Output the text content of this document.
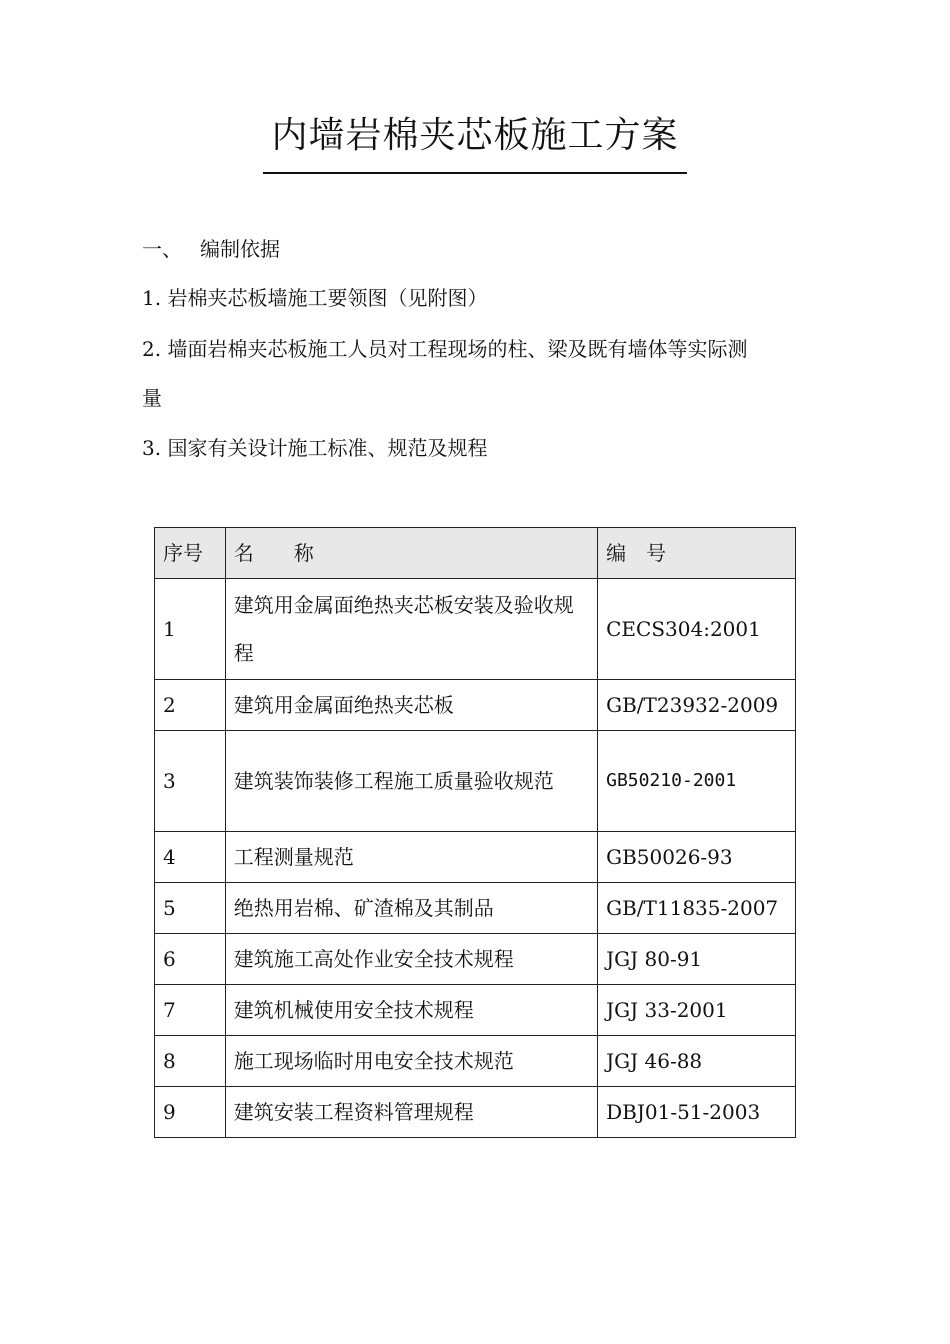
内墙岩棉夹芯板施工方案
一、 编制依据
1. 岩棉夹芯板墙施工要领图（见附图）
2. 墙面岩棉夹芯板施工人员对工程现场的柱、梁及既有墙体等实际测
量
3. 国家有关设计施工标准、规范及规程
序号	名　　称	编　号
1	建筑用金属面绝热夹芯板安装及验收规程	CECS304:2001
2	建筑用金属面绝热夹芯板	GB/T23932-2009
3	建筑装饰装修工程施工质量验收规范	GB50210-2001
4	工程测量规范	GB50026-93
5	绝热用岩棉、矿渣棉及其制品	GB/T11835-2007
6	建筑施工高处作业安全技术规程	JGJ 80-91
7	建筑机械使用安全技术规程	JGJ 33-2001
8	施工现场临时用电安全技术规范	JGJ 46-88
9	建筑安装工程资料管理规程	DBJ01-51-2003
